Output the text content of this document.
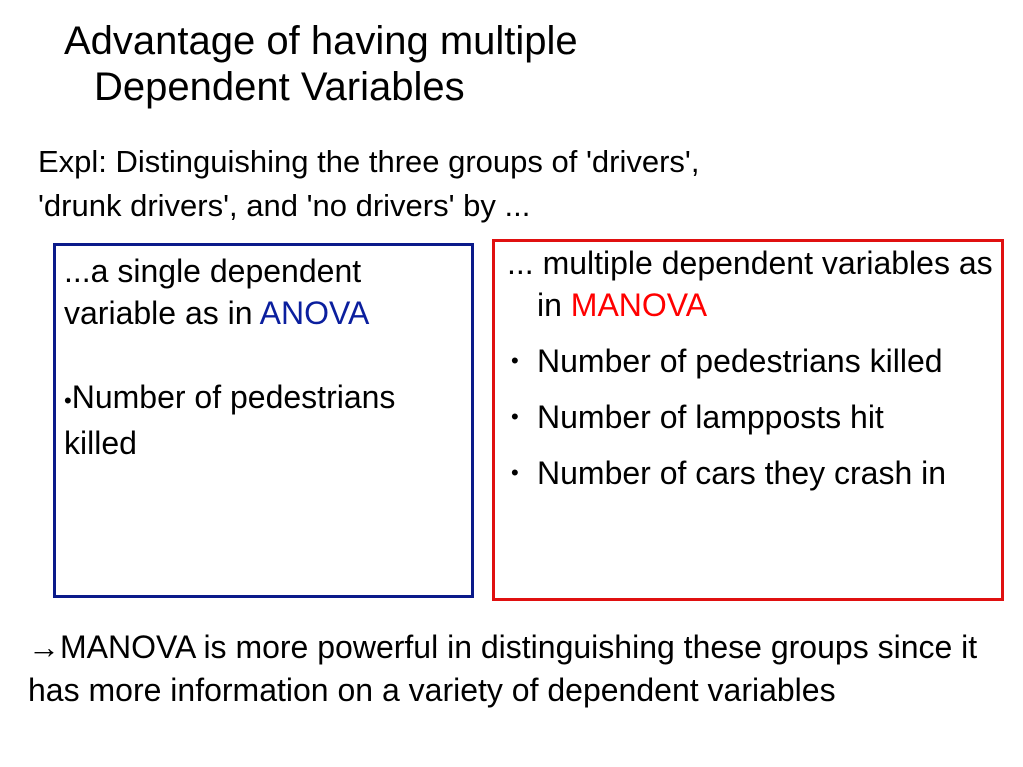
Advantage of having multiple
Dependent Variables
Expl: Distinguishing the three groups of 'drivers',
'drunk drivers', and 'no drivers' by ...
...a single dependent variable as in ANOVA
•Number of pedestrians killed

... multiple dependent variables as in MANOVA

• Number of pedestrians killed
• Number of lampposts hit
• Number of cars they crash in
→MANOVA is more powerful in distinguishing these groups since it has more information on a variety of dependent variables
